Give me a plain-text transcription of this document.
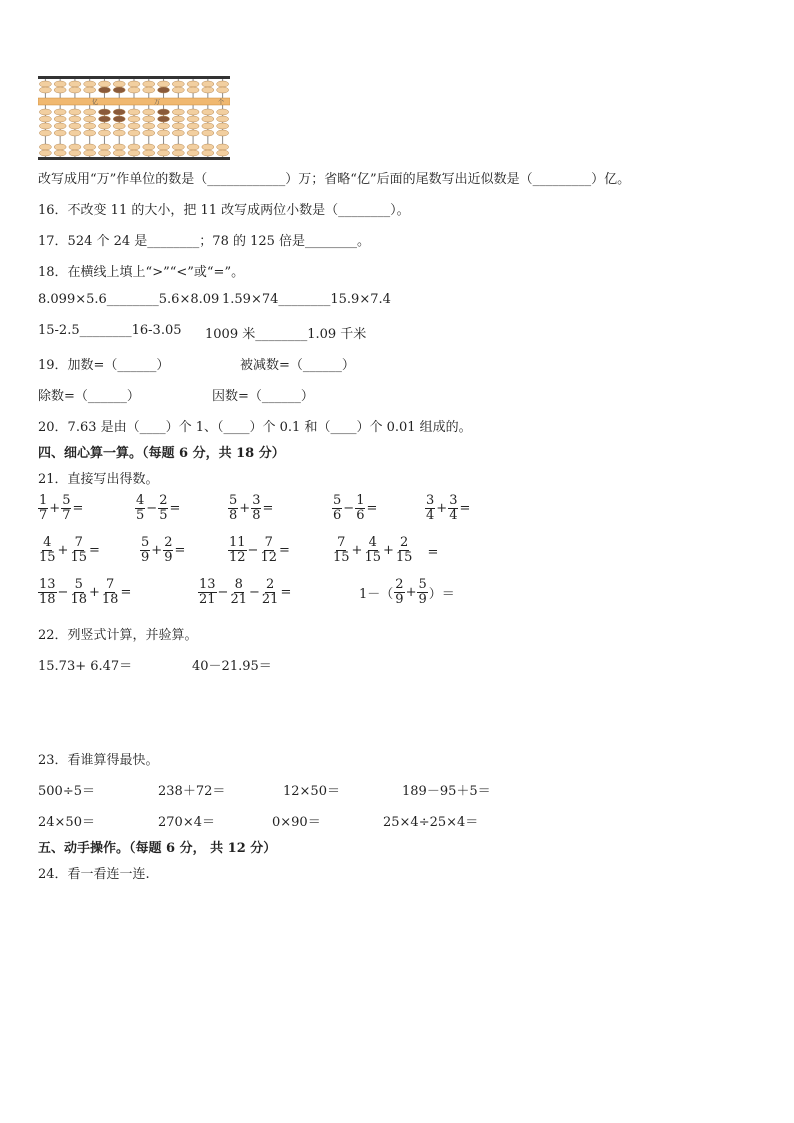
亿	万	个
改写成用“万”作单位的数是（____________）万；省略“亿”后面的尾数写出近似数是（_________）亿。
16．不改变 11 的大小，把 11 改写成两位小数是（________）。
17．524 个 24 是________；78 的 125 倍是________。
18．在横线上填上“>”“<”或“=”。
8.099×5.6________5.6×8.09 1.59×74________15.9×7.4
15-2.5________16-3.05 1009 米________1.09 千米
19．加数=（______）	被减数=（______）
除数=（______）	因数=（______）
20．7.63 是由（____）个 1、（____）个 0.1 和（____）个 0.01 组成的。
四、细心算一算。（每题 6 分，共 18 分）
21．直接写出得数。
$\frac{1}{7} + \frac{5}{7}$ =	$\frac{4}{5} - \frac{2}{5}$ =	$\frac{5}{8} + \frac{3}{8}$ =	$\frac{5}{6} - \frac{1}{6}$ =	$\frac{3}{4} + \frac{3}{4}$ =
$\frac{4}{15} + \frac{7}{15}$ =	$\frac{5}{9} + \frac{2}{9}$ =	$\frac{11}{12} - \frac{7}{12}$ =	$\frac{7}{15} + \frac{4}{15} + \frac{2}{15}$ 　=
$\frac{13}{18} - \frac{5}{18} + \frac{7}{18}$ =	$\frac{13}{21} - \frac{8}{21} - \frac{2}{21}$ =	$1-( \frac{2}{9} + \frac{5}{9}$ ）＝
22．列竖式计算，并验算。
15.73+ 6.47＝	40－21.95＝
23．看谁算得最快。
500÷5＝	238＋72＝	12×50＝	189－95＋5＝
24×50＝	270×4＝	0×90＝	25×4÷25×4＝
五、动手操作。（每题 6 分， 共 12 分）
24．看一看连一连.
